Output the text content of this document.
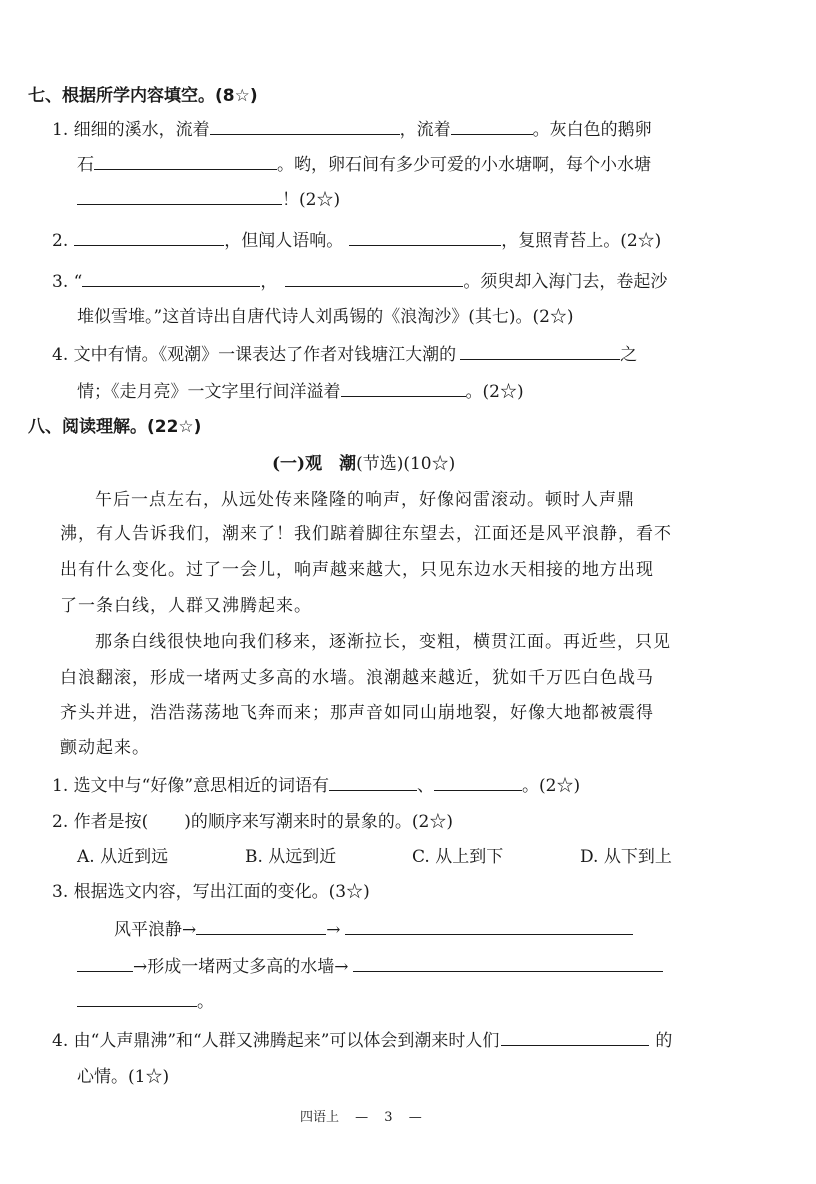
七、根据所学内容填空。(8☆)
1. 细细的溪水，流着	，流着	。灰白色的鹅卵
石	。哟，卵石间有多少可爱的小水塘啊，每个小水塘
！(2☆)
2.	，但闻人语响。	，复照青苔上。(2☆)
3. “	，	。须臾却入海门去，卷起沙
堆似雪堆。”这首诗出自唐代诗人刘禹锡的《浪淘沙》(其七)。(2☆)
4. 文中有情。《观潮》一课表达了作者对钱塘江大潮的	之
情；《走月亮》一文字里行间洋溢着	。(2☆)
八、阅读理解。(22☆)
(一)观　潮(节选)(10☆)
午后一点左右，从远处传来隆隆的响声，好像闷雷滚动。顿时人声鼎
沸，有人告诉我们，潮来了！我们踮着脚往东望去，江面还是风平浪静，看不
出有什么变化。过了一会儿，响声越来越大，只见东边水天相接的地方出现
了一条白线，人群又沸腾起来。
那条白线很快地向我们移来，逐渐拉长，变粗，横贯江面。再近些，只见
白浪翻滚，形成一堵两丈多高的水墙。浪潮越来越近，犹如千万匹白色战马
齐头并进，浩浩荡荡地飞奔而来；那声音如同山崩地裂，好像大地都被震得
颤动起来。
1. 选文中与“好像”意思相近的词语有	、	。(2☆)
2. 作者是按( )的顺序来写潮来时的景象的。(2☆)
A. 从近到远	B. 从远到近	C. 从上到下	D. 从下到上
3. 根据选文内容，写出江面的变化。(3☆)
风平浪静→	→
→形成一堵两丈多高的水墙→
。
4. 由“人声鼎沸”和“人群又沸腾起来”可以体会到潮来时人们	的
心情。(1☆)
四语上 — 3 —
